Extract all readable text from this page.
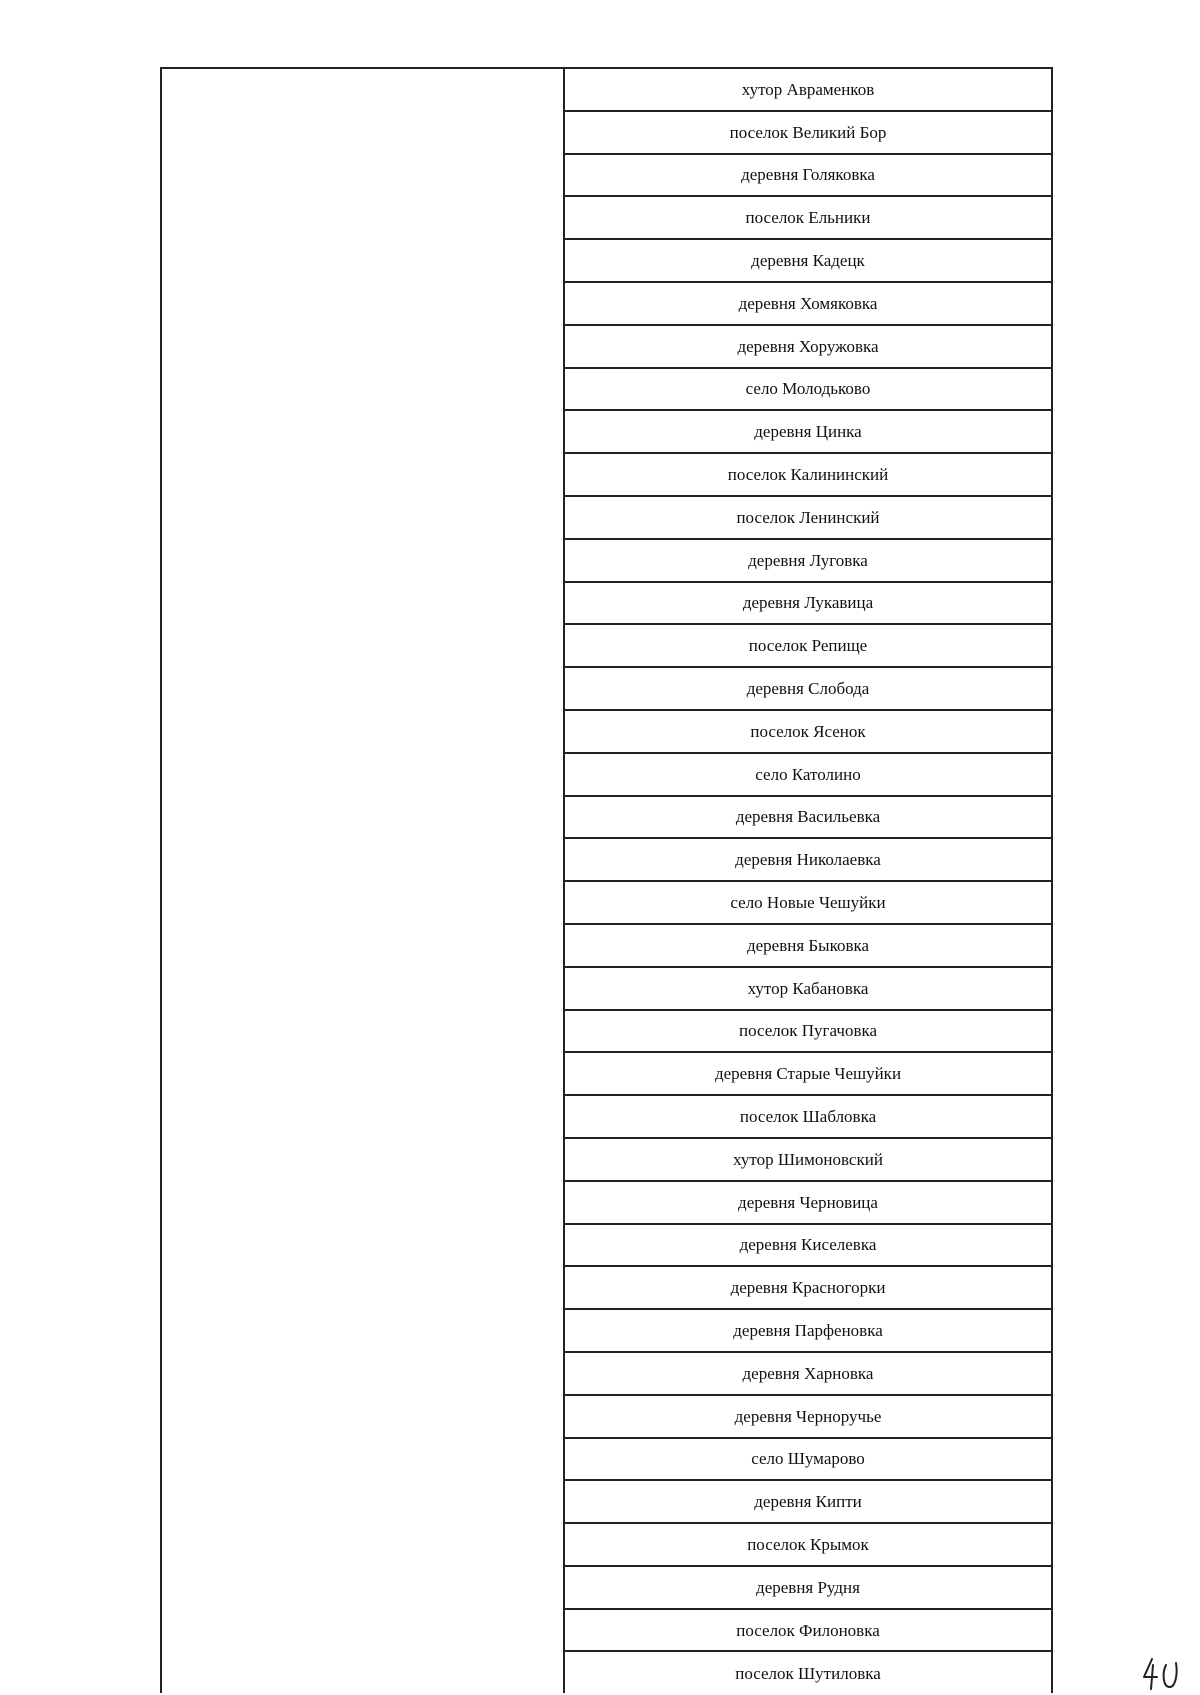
хутор Авраменков
поселок Великий Бор
деревня Голяковка
поселок Ельники
деревня Кадецк
деревня Хомяковка
деревня Хоружовка
село Молодьково
деревня Цинка
поселок Калининский
поселок Ленинский
деревня Луговка
деревня Лукавица
поселок Репище
деревня Слобода
поселок Ясенок
село Католино
деревня Васильевка
деревня Николаевка
село Новые Чешуйки
деревня Быковка
хутор Кабановка
поселок Пугачовка
деревня Старые Чешуйки
поселок Шабловка
хутор Шимоновский
деревня Черновица
деревня Киселевка
деревня Красногорки
деревня Парфеновка
деревня Харновка
деревня Черноручье
село Шумарово
деревня Кипти
поселок Крымок
деревня Рудня
поселок Филоновка
поселок Шутиловка
